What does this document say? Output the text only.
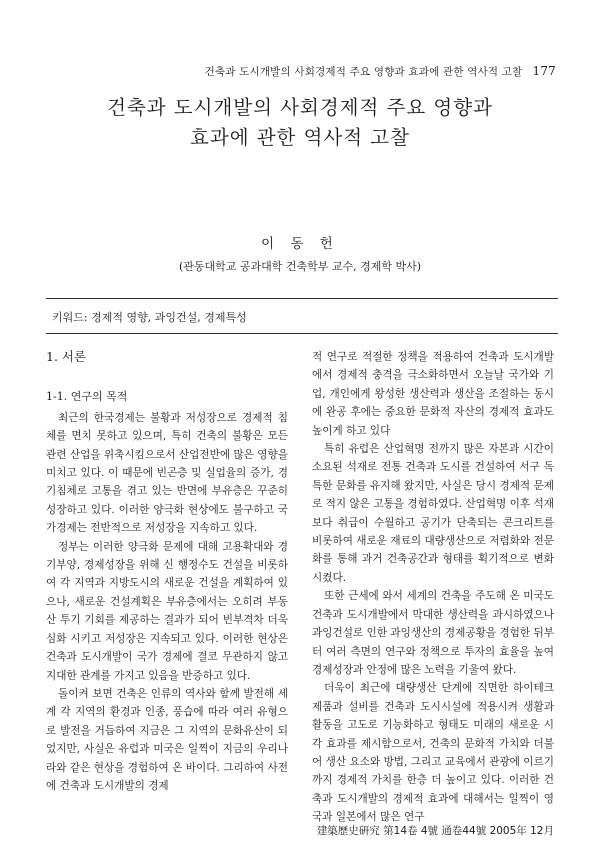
건축과 도시개발의 사회경제적 주요 영향과 효과에 관한 역사적 고찰 177
건축과 도시개발의 사회경제적 주요 영향과
효과에 관한 역사적 고찰
이 동 헌
(관동대학교 공과대학 건축학부 교수, 경제학 박사)
키워드: 경제적 영향, 과잉건설, 경제특성
1. 서론
1-1. 연구의 목적

최근의 한국경제는 불황과 저성장으로 경제적 침체를 면치 못하고 있으며, 특히 건축의 불황은 모든 관련 산업을 위축시킴으로서 산업전반에 많은 영향을 미치고 있다. 이 때문에 빈곤층 및 실업율의 증가, 경기침체로 고통을 겪고 있는 반면에 부유층은 꾸준히 성장하고 있다. 이러한 양극화 현상에도 불구하고 국가경제는 전반적으로 저성장을 지속하고 있다.

정부는 이러한 양극화 문제에 대해 고용확대와 경기부양, 경제성장을 위해 신 행정수도 건설을 비롯하여 각 지역과 지방도시의 새로운 건설을 계획하여 있으나, 새로운 건설계획은 부유층에서는 오히려 부동산 투기 기회를 제공하는 결과가 되어 빈부격차 더욱 심화 시키고 저성장은 지속되고 있다. 이러한 현상은 건축과 도시개발이 국가 경제에 결코 무관하지 않고 지대한 관계를 가지고 있음을 반증하고 있다.

돌이켜 보면 건축은 인류의 역사와 함께 발전해 세계 각 지역의 환경과 인종, 풍습에 따라 여러 유형으로 발전을 거듭하여 지금은 그 지역의 문화유산이 되었지만, 사실은 유럽과 미국은 일찍이 지금의 우리나라와 같은 현상을 경험하여 온 바이다. 그리하여 사전에 건축과 도시개발의 경제

적 연구로 적절한 정책을 적용하여 건축과 도시개발에서 경제적 충격을 극소화하면서 오늘날 국가와 기업, 개인에게 왕성한 생산력과 생산을 조절하는 동시에 완공 후에는 중요한 문화적 자산의 경제적 효과도 높이게 하고 있다

특히 유럽은 산업혁명 전까지 많은 자본과 시간이 소요된 석재로 전통 건축과 도시를 건설하여 서구 독특한 문화를 유지해 왔지만, 사실은 당시 경제적 문제로 적지 않은 고통을 경험하였다. 산업혁명 이후 석재보다 취급이 수월하고 공기가 단축되는 콘크리트를 비롯하여 새로운 재료의 대량생산으로 저렴화와 전문화를 통해 과거 건축공간과 형태를 획기적으로 변화시켰다.

또한 근세에 와서 세계의 건축을 주도해 온 미국도 건축과 도시개발에서 막대한 생산력을 과시하였으나 과잉건설로 인한 과잉생산의 경제공황을 경험한 뒤부터 여러 측면의 연구와 정책으로 투자의 효율을 높여 경제성장과 안정에 많은 노력을 기울여 왔다.

더욱이 최근에 대량생산 단계에 직면한 하이테크 제품과 설비를 건축과 도시시설에 적용시켜 생활과 활동을 고도로 기능화하고 형태도 미래의 새로운 시각 효과를 제시함으로서, 건축의 문화적 가치와 더불어 생산 요소와 방법, 그리고 교육에서 관광에 이르기까지 경제적 가치를 한층 더 높이고 있다. 이러한 건축과 도시개발의 경제적 효과에 대해서는 일찍이 영국과 일본에서 많은 연구

建築歷史硏究 第14卷 4號 通卷44號 2005年 12月
